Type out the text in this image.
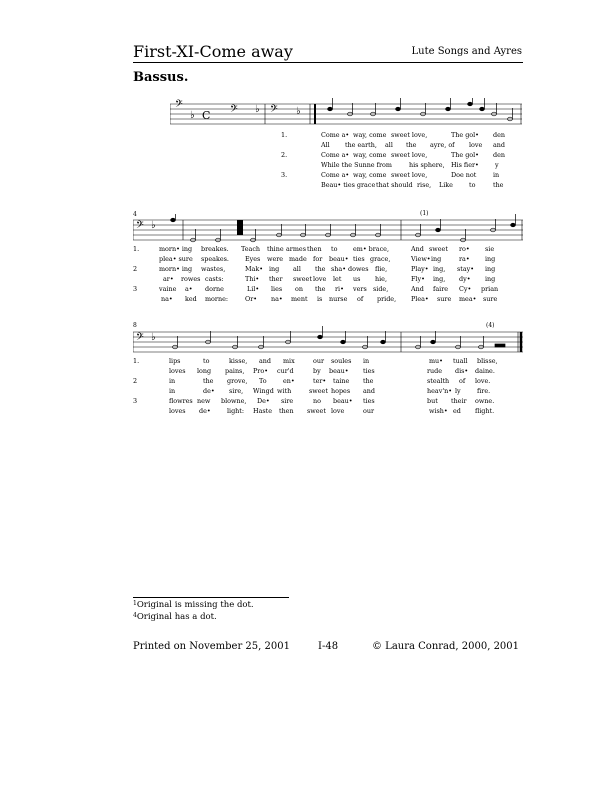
First-XI-Come away	Lute Songs and Ayres
Bassus.
𝄢
♭ C 𝄢 ♭ 𝄢 ♭
1.	Come a• way, come sweet love,	The gol• den
All the earth, all the ayre, of love and
2.	Come a• way, come sweet love,	The gol• den
While the Sunne from	his sphere, His fier•	y
3.	Come a• way, come sweet love,	Doe not	in
Beau• ties grace that should rise, Like	to	the
4	(1)
𝄢 ♭
1.	morn• ing breakes. Teach thine armes then to em• brace,	And sweet ro• sie
plea• sure speakes.	Eyes were made for beau• ties grace,	View• ing	ra• ing
2	morn• ing wastes,	Mak• ing all the sha• dowes flie,	Play• ing, stay• ing
ar• rowes casts:	Thi• ther sweet love let us hie,	Fly• ing, dy• ing
3	vaine a• dorne	Lil• lies on the ri• vers side,	And faire Cy• prian
na• ked morne:	Or• na• ment is nurse of pride, Plea• sure mea• sure
8	(4)
𝄢 ♭
1.	lips	to	kisse, and mix	our soules in	mu• tuall blisse,
loves long pains, Pro• cur'd	by beau• ties	rude dis• daine.
2	in	the grove, To	en•	ter• taine the	stealth of love.
in	de• sire, Wingd with	sweet hopes and	heav'n• ly	fire.
3	flowres new blowne, De• sire	no beau• ties	but their owne.
loves de•	light: Haste then sweet love	our	wish• ed flight.
$^1$Original is missing the dot.
$^4$Original has a dot.
Printed on November 25, 2001	I-48	© Laura Conrad, 2000, 2001
